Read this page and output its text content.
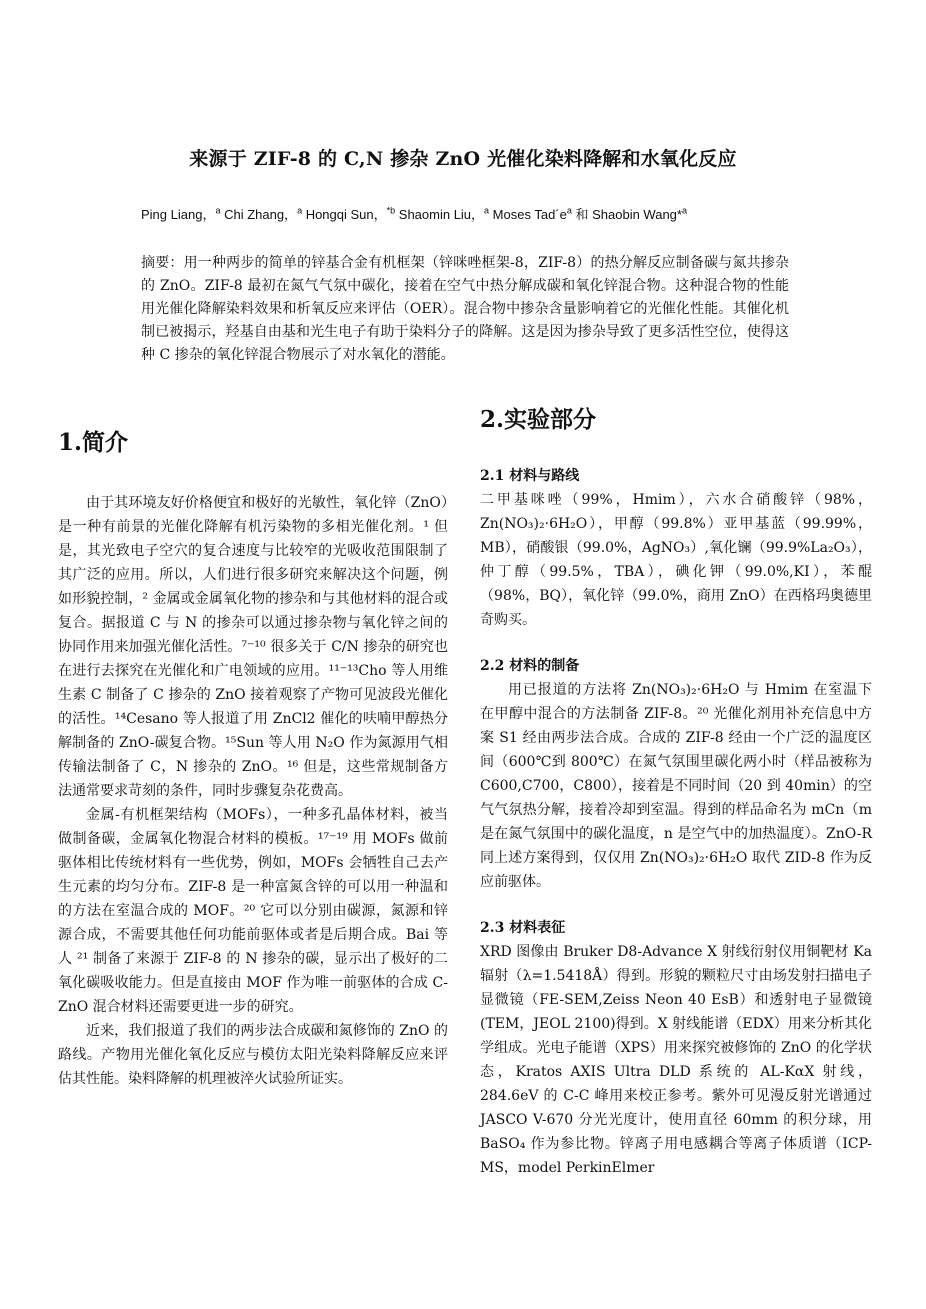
来源于 ZIF-8 的 C,N 掺杂 ZnO 光催化染料降解和水氧化反应
Ping Liang，$^a$ Chi Zhang，$^a$ Hongqi Sun，$^{*b}$ Shaomin Liu，$^a$ Moses $Tad´e^a$ 和 Shaobin Wang*$^a$

摘要：用一种两步的简单的锌基合金有机框架（锌咪唑框架-8，ZIF-8）的热分解反应制备碳与氮共掺杂的 ZnO。ZIF-8 最初在氮气气氛中碳化，接着在空气中热分解成碳和氧化锌混合物。这种混合物的性能用光催化降解染料效果和析氧反应来评估（OER）。混合物中掺杂含量影响着它的光催化性能。其催化机制已被揭示，羟基自由基和光生电子有助于染料分子的降解。这是因为掺杂导致了更多活性空位，使得这种 C 掺杂的氧化锌混合物展示了对水氧化的潜能。

1.简介

由于其环境友好价格便宜和极好的光敏性，氧化锌（ZnO）是一种有前景的光催化降解有机污染物的多相光催化剂。¹ 但是，其光致电子空穴的复合速度与比较窄的光吸收范围限制了其广泛的应用。所以，人们进行很多研究来解决这个问题，例如形貌控制，² 金属或金属氧化物的掺杂和与其他材料的混合或复合。据报道 C 与 N 的掺杂可以通过掺杂物与氧化锌之间的协同作用来加强光催化活性。⁷⁻¹⁰ 很多关于 C/N 掺杂的研究也在进行去探究在光催化和广电领域的应用。¹¹⁻¹³Cho 等人用维生素 C 制备了 C 掺杂的 ZnO 接着观察了产物可见波段光催化的活性。¹⁴Cesano 等人报道了用 ZnCl2 催化的呋喃甲醇热分解制备的 ZnO-碳复合物。¹⁵Sun 等人用 N₂O 作为氮源用气相传输法制备了 C，N 掺杂的 ZnO。¹⁶ 但是，这些常规制备方法通常要求苛刻的条件，同时步骤复杂花费高。

金属-有机框架结构（MOFs），一种多孔晶体材料，被当做制备碳，金属氧化物混合材料的模板。¹⁷⁻¹⁹ 用 MOFs 做前驱体相比传统材料有一些优势，例如，MOFs 会牺牲自己去产生元素的均匀分布。ZIF-8 是一种富氮含锌的可以用一种温和的方法在室温合成的 MOF。²⁰ 它可以分别由碳源，氮源和锌源合成，不需要其他任何功能前驱体或者是后期合成。Bai 等人 ²¹ 制备了来源于 ZIF-8 的 N 掺杂的碳，显示出了极好的二氧化碳吸收能力。但是直接由 MOF 作为唯一前驱体的合成 C-ZnO 混合材料还需要更进一步的研究。

近来，我们报道了我们的两步法合成碳和氮修饰的 ZnO 的路线。产物用光催化氧化反应与模仿太阳光染料降解反应来评估其性能。染料降解的机理被淬火试验所证实。

2.实验部分
2.1 材料与路线

二甲基咪唑（99%，Hmim），六水合硝酸锌（98%，Zn(NO₃)₂·6H₂O），甲醇（99.8%）亚甲基蓝（99.99%，MB），硝酸银（99.0%，AgNO₃）,氧化镧（99.9%La₂O₃），仲丁醇（99.5%，TBA），碘化钾（99.0%,KI），苯醌（98%，BQ），氧化锌（99.0%，商用 ZnO）在西格玛奥德里奇购买。

2.2 材料的制备

用已报道的方法将 Zn(NO₃)₂·6H₂O 与 Hmim 在室温下在甲醇中混合的方法制备 ZIF-8。²⁰ 光催化剂用补充信息中方案 S1 经由两步法合成。合成的 ZIF-8 经由一个广泛的温度区间（600℃到 800℃）在氮气氛围里碳化两小时（样品被称为 C600,C700，C800），接着是不同时间（20 到 40min）的空气气氛热分解，接着冷却到室温。得到的样品命名为 mCn（m 是在氮气氛围中的碳化温度，n 是空气中的加热温度）。ZnO-R 同上述方案得到，仅仅用 Zn(NO₃)₂·6H₂O 取代 ZID-8 作为反应前驱体。

2.3 材料表征

XRD 图像由 Bruker D8-Advance X 射线衍射仪用铜靶材 Ka 辐射（λ=1.5418Å）得到。形貌的颗粒尺寸由场发射扫描电子显微镜（FE-SEM,Zeiss Neon 40 EsB）和透射电子显微镜(TEM，JEOL 2100)得到。X 射线能谱（EDX）用来分析其化学组成。光电子能谱（XPS）用来探究被修饰的 ZnO 的化学状态，Kratos AXIS Ultra DLD 系统的 AL-KαX 射线，284.6eV 的 C-C 峰用来校正参考。紫外可见漫反射光谱通过 JASCO V-670 分光光度计，使用直径 60mm 的积分球，用 BaSO₄ 作为参比物。锌离子用电感耦合等离子体质谱（ICP-MS，model PerkinElmer
